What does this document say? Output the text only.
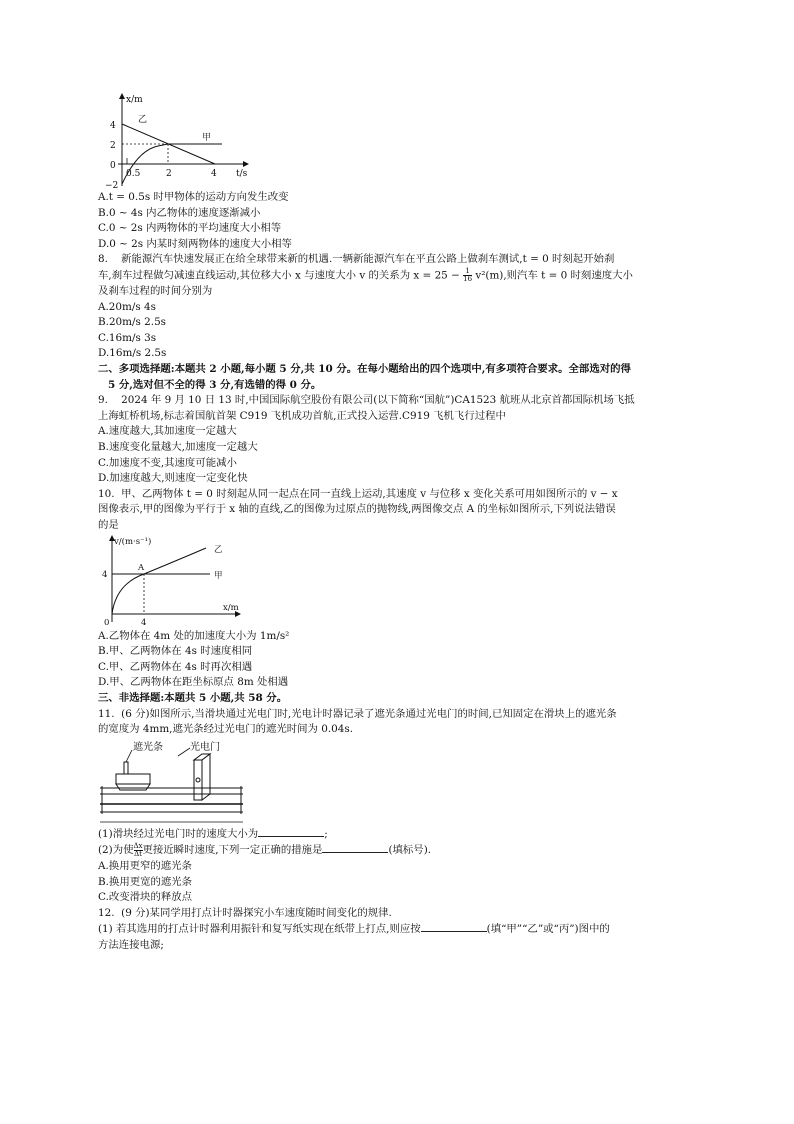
x/m
t/s
4
2
0
−2
0.5	2	4
乙
甲
A.t = 0.5s 时甲物体的运动方向发生改变
B.0 ~ 4s 内乙物体的速度逐渐减小
C.0 ~ 2s 内两物体的平均速度大小相等
D.0 ~ 2s 内某时刻两物体的速度大小相等
8. 新能源汽车快速发展正在给全球带来新的机遇.一辆新能源汽车在平直公路上做刹车测试,t = 0 时刻起开始刹
车,刹车过程做匀减速直线运动,其位移大小 x 与速度大小 v 的关系为 $x = 25 - \frac{1}{16} v^2(m)$,则汽车 t = 0 时刻速度大小
及刹车过程的时间分别为
A.20m/s 4s
B.20m/s 2.5s
C.16m/s 3s
D.16m/s 2.5s
二、多项选择题:本题共 2 小题,每小题 5 分,共 10 分。在每小题给出的四个选项中,有多项符合要求。全部选对的得
5 分,选对但不全的得 3 分,有选错的得 0 分。
9. 2024 年 9 月 10 日 13 时,中国国际航空股份有限公司(以下简称“国航”)CA1523 航班从北京首都国际机场飞抵
上海虹桥机场,标志着国航首架 C919 飞机成功首航,正式投入运营.C919 飞机飞行过程中
A.速度越大,其加速度一定越大
B.速度变化量越大,加速度一定越大
C.加速度不变,其速度可能减小
D.加速度越大,则速度一定变化快
10. 甲、乙两物体 t = 0 时刻起从同一起点在同一直线上运动,其速度 v 与位移 x 变化关系可用如图所示的 v − x
图像表示,甲的图像为平行于 x 轴的直线,乙的图像为过原点的抛物线,两图像交点 A 的坐标如图所示,下列说法错误
的是
v/(m·s⁻¹)
x/m
4
4
0
A
乙
甲
A.乙物体在 4m 处的加速度大小为 1m/s²
B.甲、乙两物体在 4s 时速度相同
C.甲、乙两物体在 4s 时再次相遇
D.甲、乙两物体在距坐标原点 8m 处相遇
三、非选择题:本题共 5 小题,共 58 分。
11. (6 分)如图所示,当滑块通过光电门时,光电计时器记录了遮光条通过光电门的时间,已知固定在滑块上的遮光条
的宽度为 4mm,遮光条经过光电门的遮光时间为 0.04s.
遮光条	光电门
(1)滑块经过光电门时的速度大小为	;
(2)为使 $\frac{\Delta x}{\Delta t}$ 更接近瞬时速度,下列一定正确的措施是	(填标号).
A.换用更窄的遮光条
B.换用更宽的遮光条
C.改变滑块的释放点
12. (9 分)某同学用打点计时器探究小车速度随时间变化的规律.
(1) 若其选用的打点计时器利用振针和复写纸实现在纸带上打点,则应按	(填“甲”“乙”或“丙”)图中的
方法连接电源;
